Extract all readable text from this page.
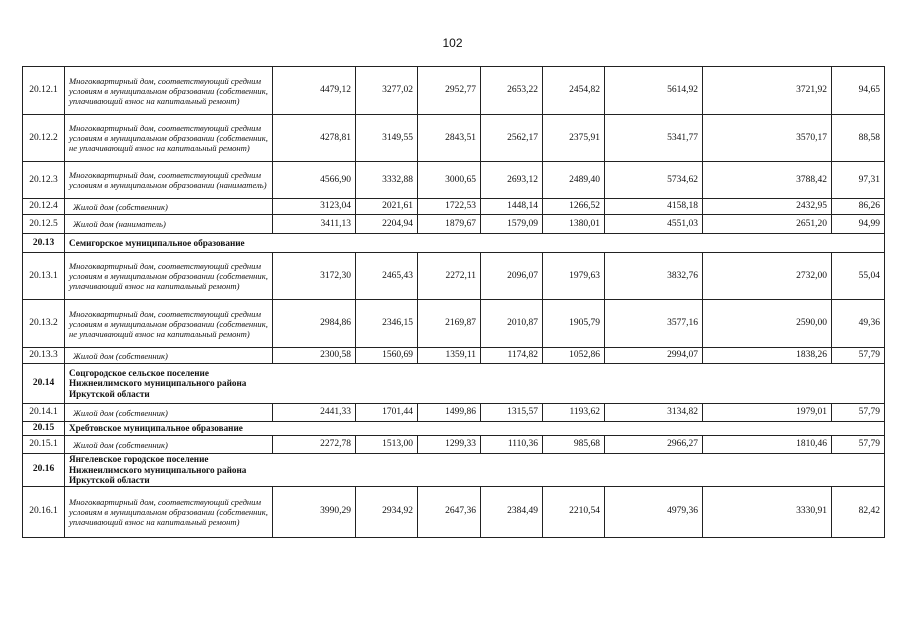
102
20.12.1	Многоквартирный дом, соответствующий средним условиям в муниципальном образовании (собственник, уплачивающий взнос на капитальный ремонт)	4479,12	3277,02	2952,77	2653,22	2454,82	5614,92	3721,92	94,65
20.12.2	Многоквартирный дом, соответствующий средним условиям в муниципальном образовании (собственник, не уплачивающий взнос на капитальный ремонт)	4278,81	3149,55	2843,51	2562,17	2375,91	5341,77	3570,17	88,58
20.12.3	Многоквартирный дом, соответствующий средним условиям в муниципальном образовании (наниматель)	4566,90	3332,88	3000,65	2693,12	2489,40	5734,62	3788,42	97,31
20.12.4	Жилой дом (собственник)	3123,04	2021,61	1722,53	1448,14	1266,52	4158,18	2432,95	86,26
20.12.5	Жилой дом (наниматель)	3411,13	2204,94	1879,67	1579,09	1380,01	4551,03	2651,20	94,99
20.13	Семигорское муниципальное образование								
20.13.1	Многоквартирный дом, соответствующий средним условиям в муниципальном образовании (собственник, уплачивающий взнос на капитальный ремонт)	3172,30	2465,43	2272,11	2096,07	1979,63	3832,76	2732,00	55,04
20.13.2	Многоквартирный дом, соответствующий средним условиям в муниципальном образовании (собственник, не уплачивающий взнос на капитальный ремонт)	2984,86	2346,15	2169,87	2010,87	1905,79	3577,16	2590,00	49,36
20.13.3	Жилой дом (собственник)	2300,58	1560,69	1359,11	1174,82	1052,86	2994,07	1838,26	57,79
20.14	Соцгородское сельское поселение Нижнеилимского муниципального района Иркутской области								
20.14.1	Жилой дом (собственник)	2441,33	1701,44	1499,86	1315,57	1193,62	3134,82	1979,01	57,79
20.15	Хребтовское муниципальное образование								
20.15.1	Жилой дом (собственник)	2272,78	1513,00	1299,33	1110,36	985,68	2966,27	1810,46	57,79
20.16	Янгелевское городское поселение Нижнеилимского муниципального района Иркутской области								
20.16.1	Многоквартирный дом, соответствующий средним условиям в муниципальном образовании (собственник, уплачивающий взнос на капитальный ремонт)	3990,29	2934,92	2647,36	2384,49	2210,54	4979,36	3330,91	82,42
